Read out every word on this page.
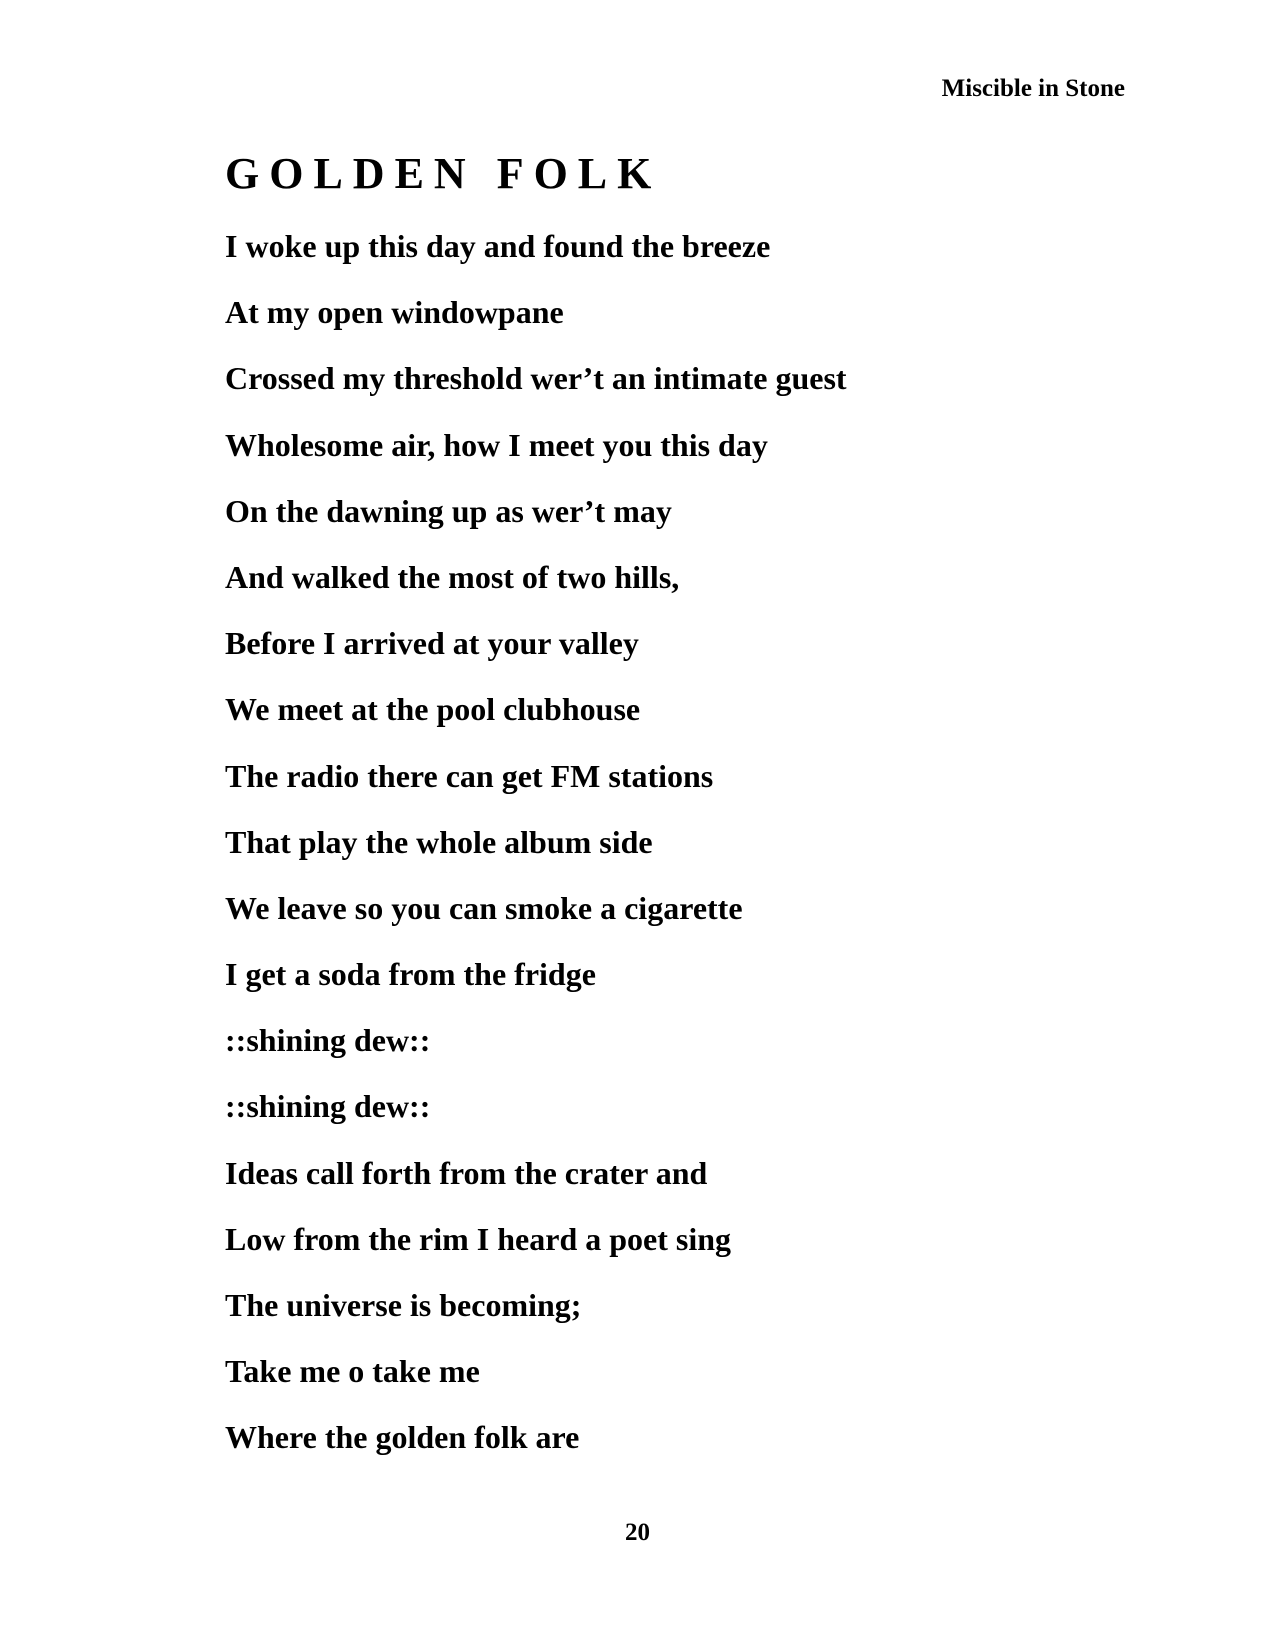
Miscible in Stone
GOLDEN FOLK
I woke up this day and found the breeze
At my open windowpane
Crossed my threshold wer’t an intimate guest
Wholesome air, how I meet you this day
On the dawning up as wer’t may
And walked the most of two hills,
Before I arrived at your valley
We meet at the pool clubhouse
The radio there can get FM stations
That play the whole album side
We leave so you can smoke a cigarette
I get a soda from the fridge
::shining dew::
::shining dew::
Ideas call forth from the crater and
Low from the rim I heard a poet sing
The universe is becoming;
Take me o take me
Where the golden folk are
20
